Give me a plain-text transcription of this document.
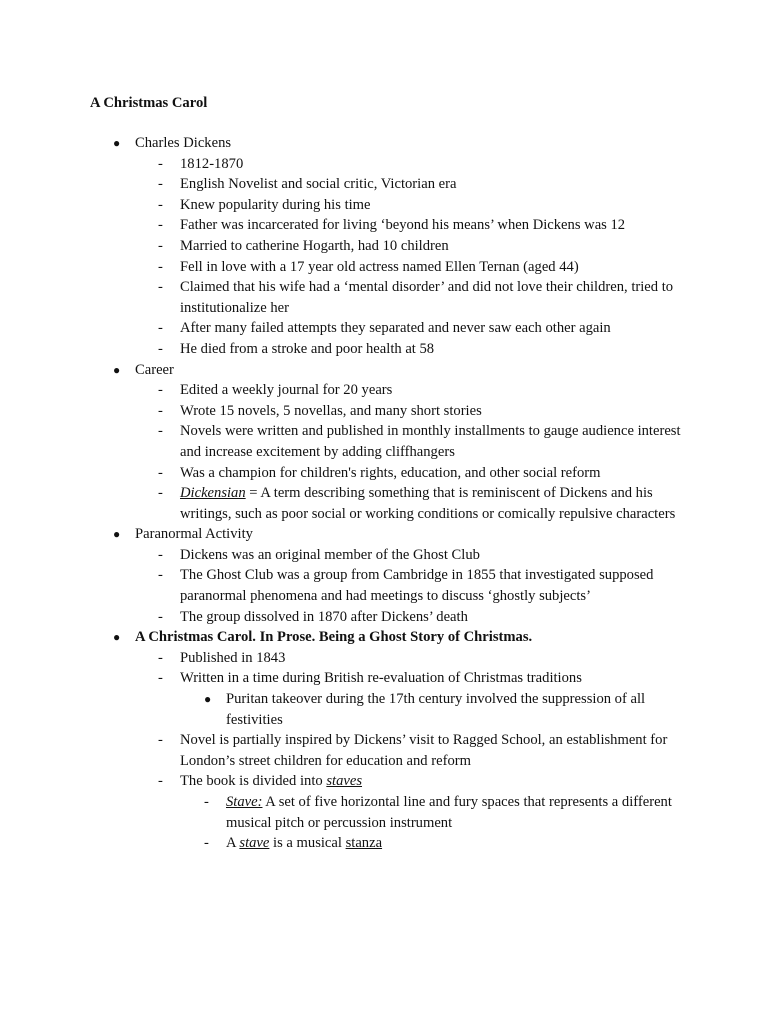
A Christmas Carol
● Charles Dickens
- 1812-1870
- English Novelist and social critic, Victorian era
- Knew popularity during his time
- Father was incarcerated for living ‘beyond his means’ when Dickens was 12
- Married to catherine Hogarth, had 10 children
- Fell in love with a 17 year old actress named Ellen Ternan (aged 44)
- Claimed that his wife had a ‘mental disorder’ and did not love their children, tried to institutionalize her
- After many failed attempts they separated and never saw each other again
- He died from a stroke and poor health at 58
● Career
- Edited a weekly journal for 20 years
- Wrote 15 novels, 5 novellas, and many short stories
- Novels were written and published in monthly installments to gauge audience interest and increase excitement by adding cliffhangers
- Was a champion for children's rights, education, and other social reform
- Dickensian = A term describing something that is reminiscent of Dickens and his writings, such as poor social or working conditions or comically repulsive characters
● Paranormal Activity
- Dickens was an original member of the Ghost Club
- The Ghost Club was a group from Cambridge in 1855 that investigated supposed paranormal phenomena and had meetings to discuss ‘ghostly subjects’
- The group dissolved in 1870 after Dickens’ death
● A Christmas Carol. In Prose. Being a Ghost Story of Christmas.
- Published in 1843
- Written in a time during British re-evaluation of Christmas traditions
● Puritan takeover during the 17th century involved the suppression of all festivities
- Novel is partially inspired by Dickens’ visit to Ragged School, an establishment for London’s street children for education and reform
- The book is divided into staves
- Stave: A set of five horizontal line and fury spaces that represents a different musical pitch or percussion instrument
- A stave is a musical stanza
